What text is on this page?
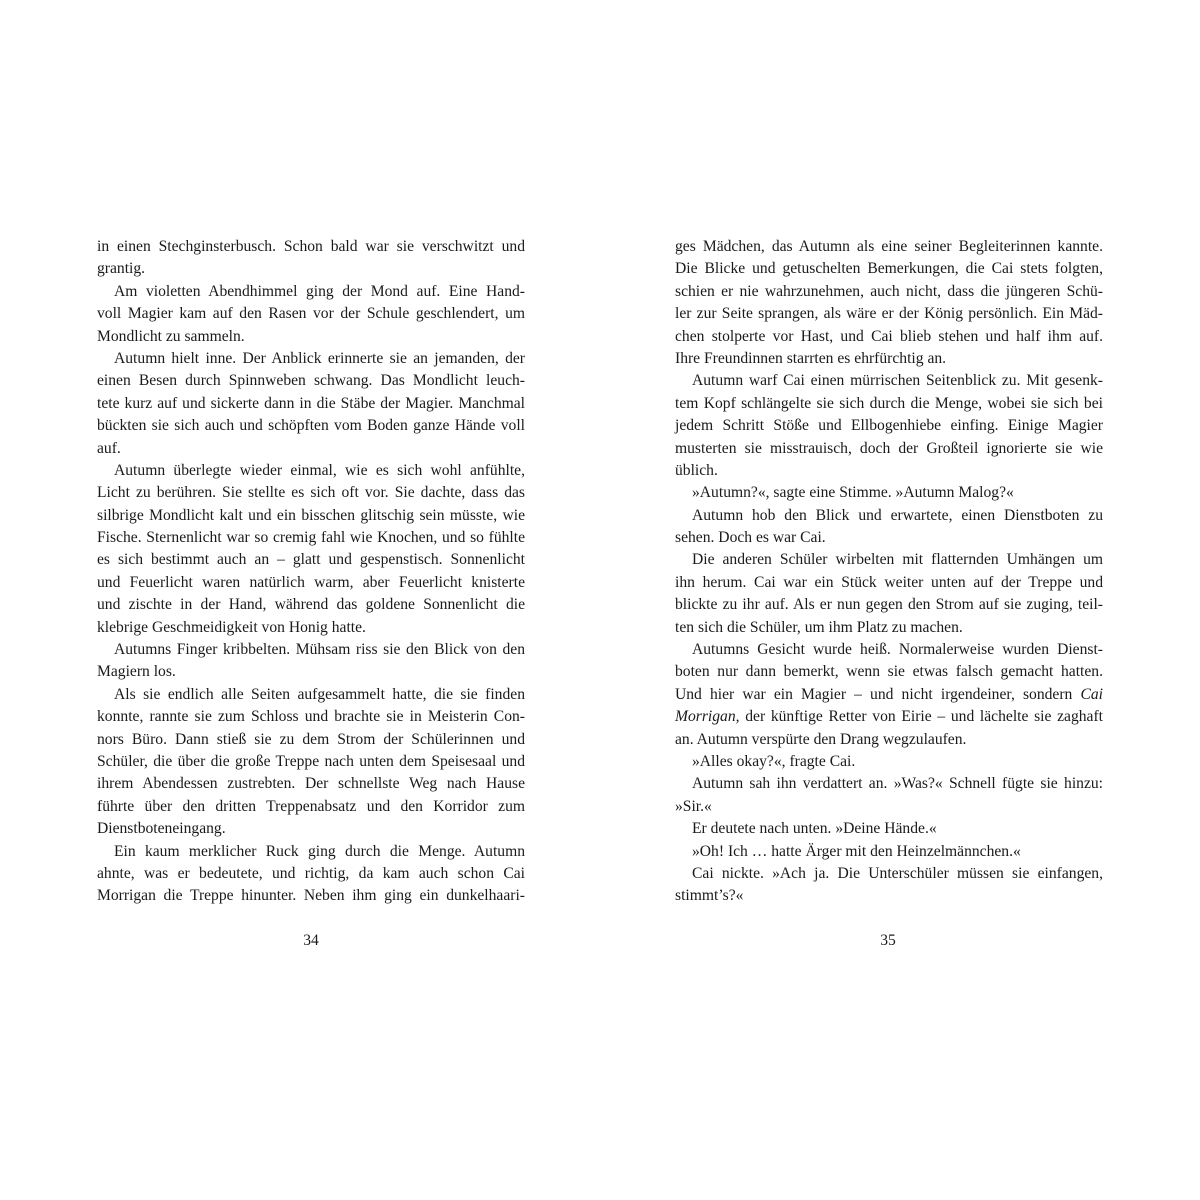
in einen Stechginsterbusch. Schon bald war sie verschwitzt und
grantig.
Am violetten Abendhimmel ging der Mond auf. Eine Hand-
voll Magier kam auf den Rasen vor der Schule geschlendert, um
Mondlicht zu sammeln.
Autumn hielt inne. Der Anblick erinnerte sie an jemanden, der
einen Besen durch Spinnweben schwang. Das Mondlicht leuch-
tete kurz auf und sickerte dann in die Stäbe der Magier. Manchmal
bückten sie sich auch und schöpften vom Boden ganze Hände voll
auf.
Autumn überlegte wieder einmal, wie es sich wohl anfühlte,
Licht zu berühren. Sie stellte es sich oft vor. Sie dachte, dass das
silbrige Mondlicht kalt und ein bisschen glitschig sein müsste, wie
Fische. Sternenlicht war so cremig fahl wie Knochen, und so fühlte
es sich bestimmt auch an – glatt und gespenstisch. Sonnenlicht
und Feuerlicht waren natürlich warm, aber Feuerlicht knisterte
und zischte in der Hand, während das goldene Sonnenlicht die
klebrige Geschmeidigkeit von Honig hatte.
Autumns Finger kribbelten. Mühsam riss sie den Blick von den
Magiern los.
Als sie endlich alle Seiten aufgesammelt hatte, die sie finden
konnte, rannte sie zum Schloss und brachte sie in Meisterin Con-
nors Büro. Dann stieß sie zu dem Strom der Schülerinnen und
Schüler, die über die große Treppe nach unten dem Speisesaal und
ihrem Abendessen zustrebten. Der schnellste Weg nach Hause
führte über den dritten Treppenabsatz und den Korridor zum
Dienstboteneingang.
Ein kaum merklicher Ruck ging durch die Menge. Autumn
ahnte, was er bedeutete, und richtig, da kam auch schon Cai
Morrigan die Treppe hinunter. Neben ihm ging ein dunkelhaari-
34
ges Mädchen, das Autumn als eine seiner Begleiterinnen kannte.
Die Blicke und getuschelten Bemerkungen, die Cai stets folgten,
schien er nie wahrzunehmen, auch nicht, dass die jüngeren Schü-
ler zur Seite sprangen, als wäre er der König persönlich. Ein Mäd-
chen stolperte vor Hast, und Cai blieb stehen und half ihm auf.
Ihre Freundinnen starrten es ehrfürchtig an.
Autumn warf Cai einen mürrischen Seitenblick zu. Mit gesenk-
tem Kopf schlängelte sie sich durch die Menge, wobei sie sich bei
jedem Schritt Stöße und Ellbogenhiebe einfing. Einige Magier
musterten sie misstrauisch, doch der Großteil ignorierte sie wie
üblich.
»Autumn?«, sagte eine Stimme. »Autumn Malog?«
Autumn hob den Blick und erwartete, einen Dienstboten zu
sehen. Doch es war Cai.
Die anderen Schüler wirbelten mit flatternden Umhängen um
ihn herum. Cai war ein Stück weiter unten auf der Treppe und
blickte zu ihr auf. Als er nun gegen den Strom auf sie zuging, teil-
ten sich die Schüler, um ihm Platz zu machen.
Autumns Gesicht wurde heiß. Normalerweise wurden Dienst-
boten nur dann bemerkt, wenn sie etwas falsch gemacht hatten.
Und hier war ein Magier – und nicht irgendeiner, sondern Cai
Morrigan, der künftige Retter von Eirie – und lächelte sie zaghaft
an. Autumn verspürte den Drang wegzulaufen.
»Alles okay?«, fragte Cai.
Autumn sah ihn verdattert an. »Was?« Schnell fügte sie hinzu:
»Sir.«
Er deutete nach unten. »Deine Hände.«
»Oh! Ich … hatte Ärger mit den Heinzelmännchen.«
Cai nickte. »Ach ja. Die Unterschüler müssen sie einfangen,
stimmt’s?«
35
